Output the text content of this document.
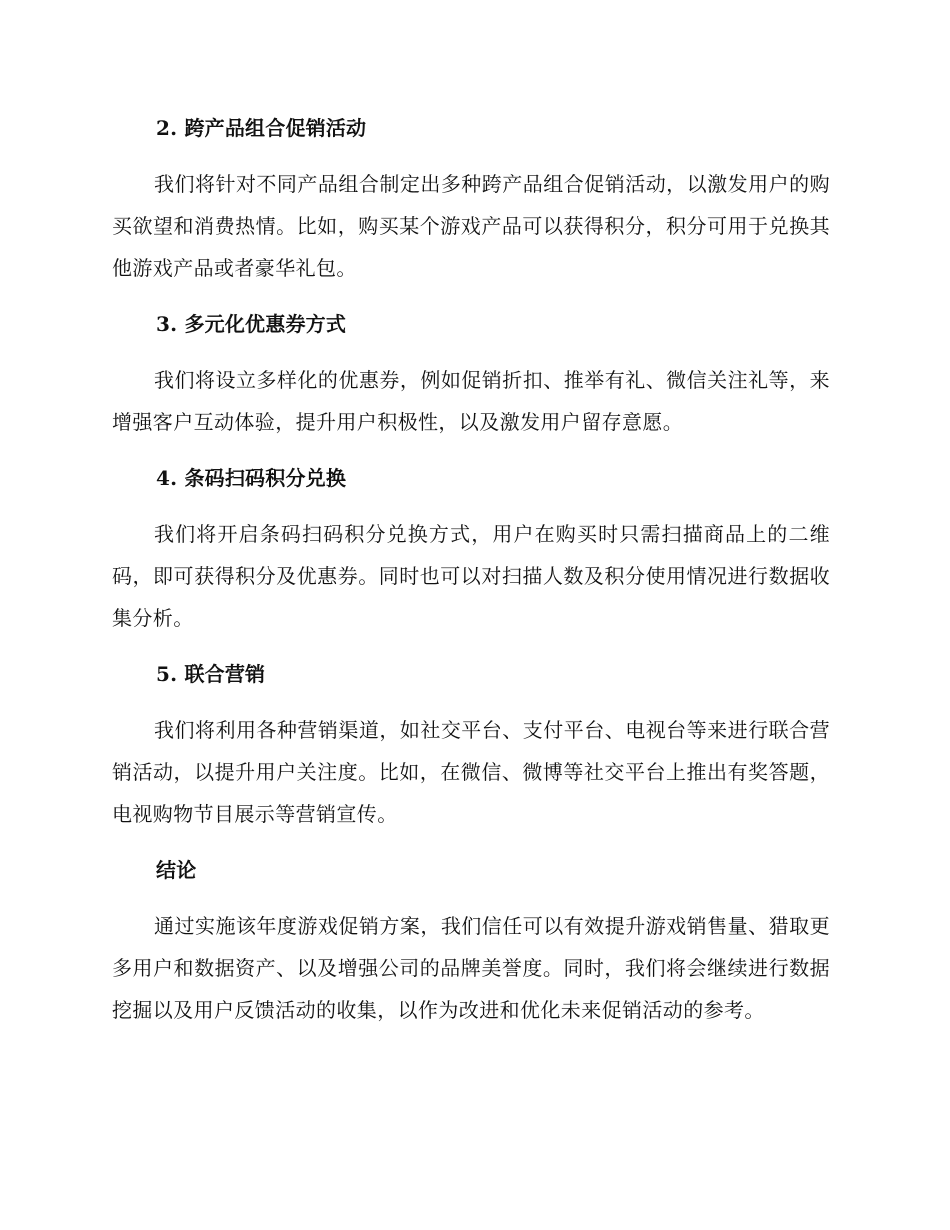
2. 跨产品组合促销活动

我们将针对不同产品组合制定出多种跨产品组合促销活动，以激发用户的购买欲望和消费热情。比如，购买某个游戏产品可以获得积分，积分可用于兑换其他游戏产品或者豪华礼包。

3. 多元化优惠券方式

我们将设立多样化的优惠券，例如促销折扣、推举有礼、微信关注礼等，来增强客户互动体验，提升用户积极性，以及激发用户留存意愿。

4. 条码扫码积分兑换

我们将开启条码扫码积分兑换方式，用户在购买时只需扫描商品上的二维码，即可获得积分及优惠券。同时也可以对扫描人数及积分使用情况进行数据收集分析。

5. 联合营销

我们将利用各种营销渠道，如社交平台、支付平台、电视台等来进行联合营销活动，以提升用户关注度。比如，在微信、微博等社交平台上推出有奖答题，电视购物节目展示等营销宣传。

结论

通过实施该年度游戏促销方案，我们信任可以有效提升游戏销售量、猎取更多用户和数据资产、以及增强公司的品牌美誉度。同时，我们将会继续进行数据挖掘以及用户反馈活动的收集，以作为改进和优化未来促销活动的参考。
